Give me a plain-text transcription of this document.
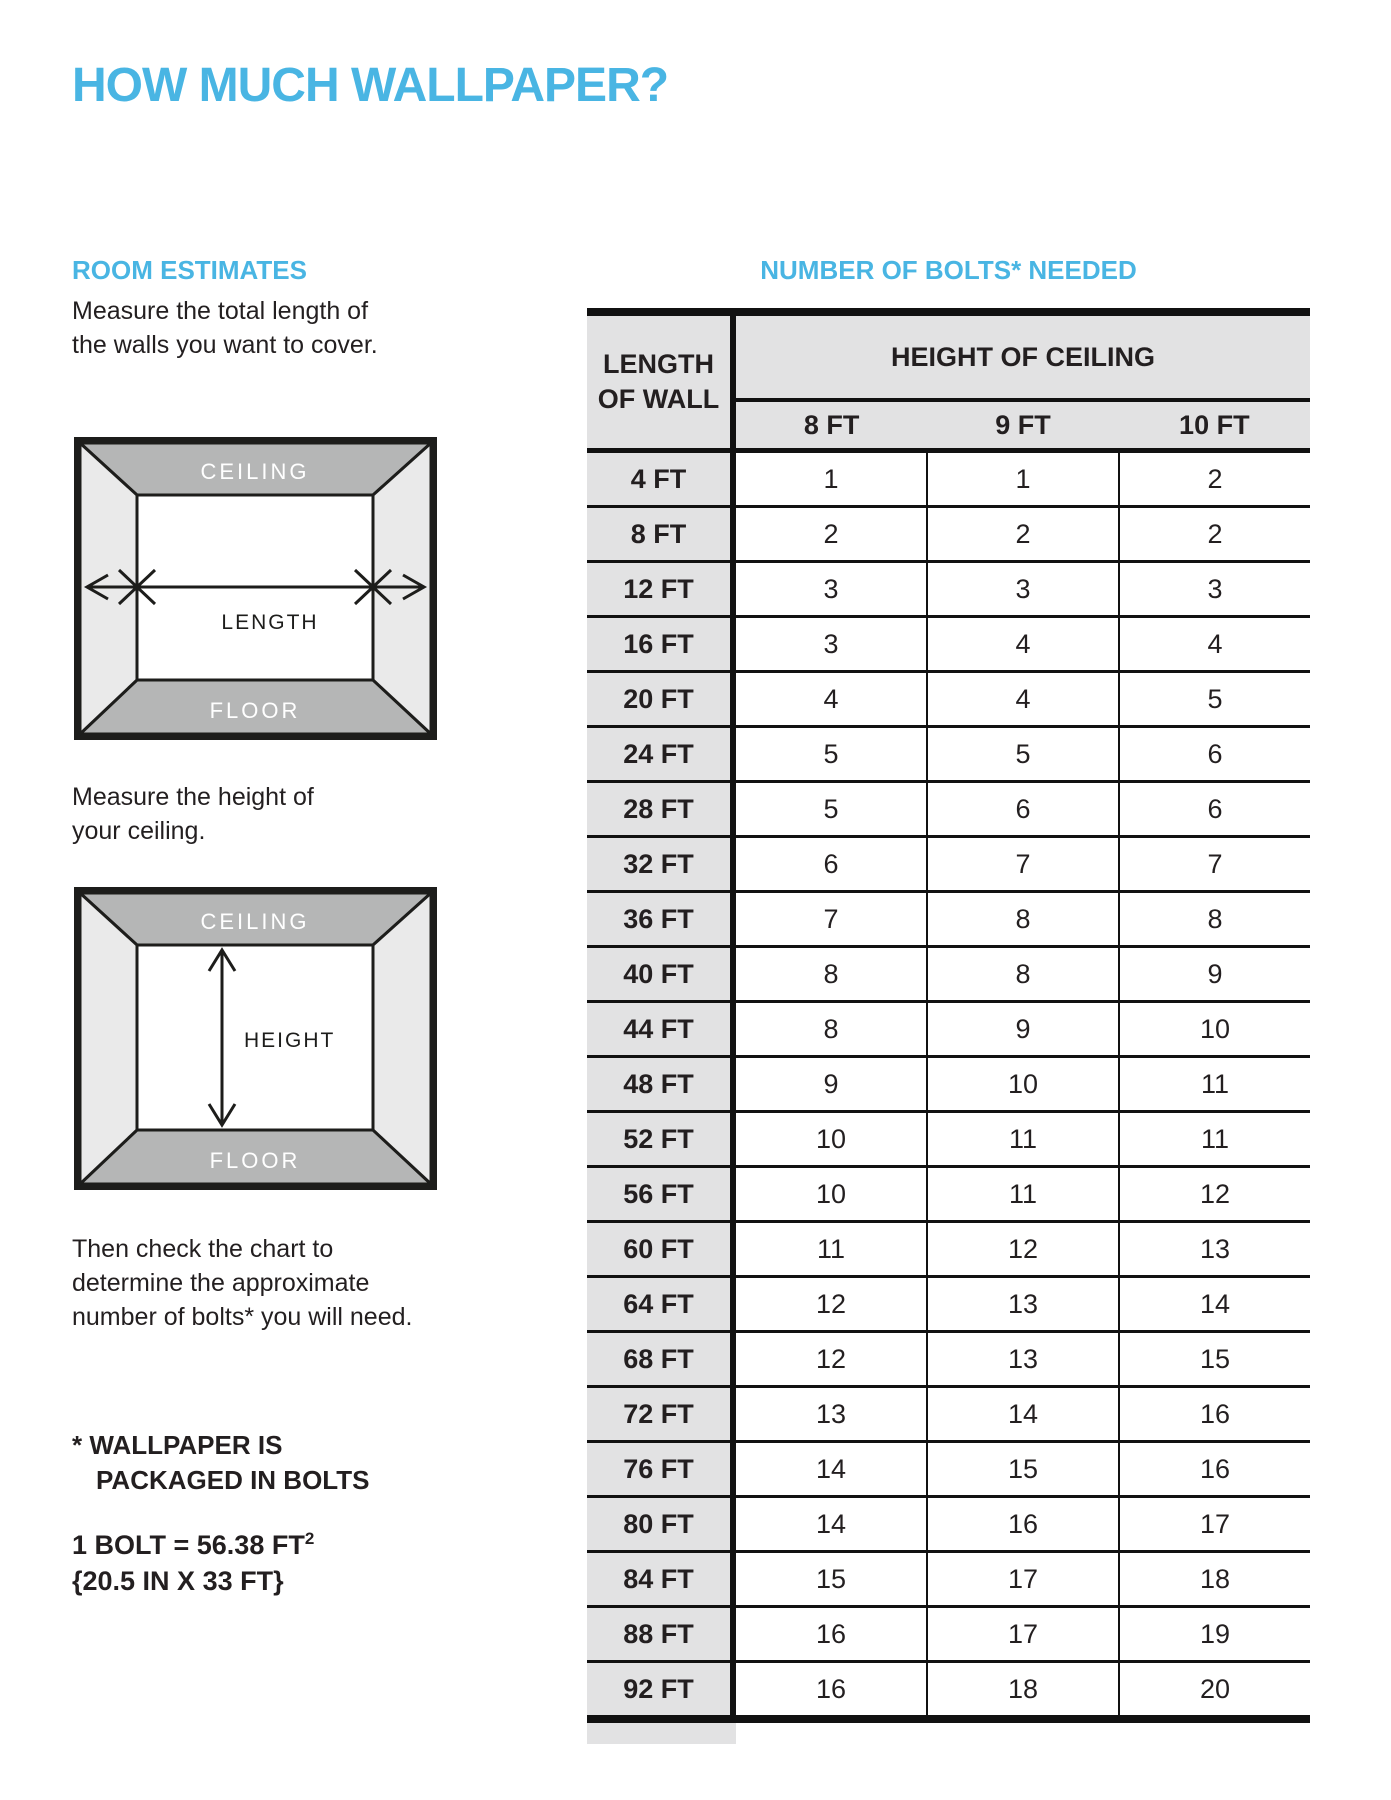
HOW MUCH WALLPAPER?
ROOM ESTIMATES
Measure the total length of
the walls you want to cover.
CEILING
FLOOR
LENGTH
Measure the height of
your ceiling.
CEILING
FLOOR
HEIGHT
Then check the chart to
determine the approximate
number of bolts* you will need.
* WALLPAPER IS
PACKAGED IN BOLTS
1 BOLT = 56.38 $FT^2$
{20.5 IN X 33 FT}
NUMBER OF BOLTS* NEEDED
LENGTH
OF WALL
HEIGHT OF CEILING
8 FT	9 FT	10 FT
4 FT	1	1	2
8 FT	2	2	2
12 FT	3	3	3
16 FT	3	4	4
20 FT	4	4	5
24 FT	5	5	6
28 FT	5	6	6
32 FT	6	7	7
36 FT	7	8	8
40 FT	8	8	9
44 FT	8	9	10
48 FT	9	10	11
52 FT	10	11	11
56 FT	10	11	12
60 FT	11	12	13
64 FT	12	13	14
68 FT	12	13	15
72 FT	13	14	16
76 FT	14	15	16
80 FT	14	16	17
84 FT	15	17	18
88 FT	16	17	19
92 FT	16	18	20
